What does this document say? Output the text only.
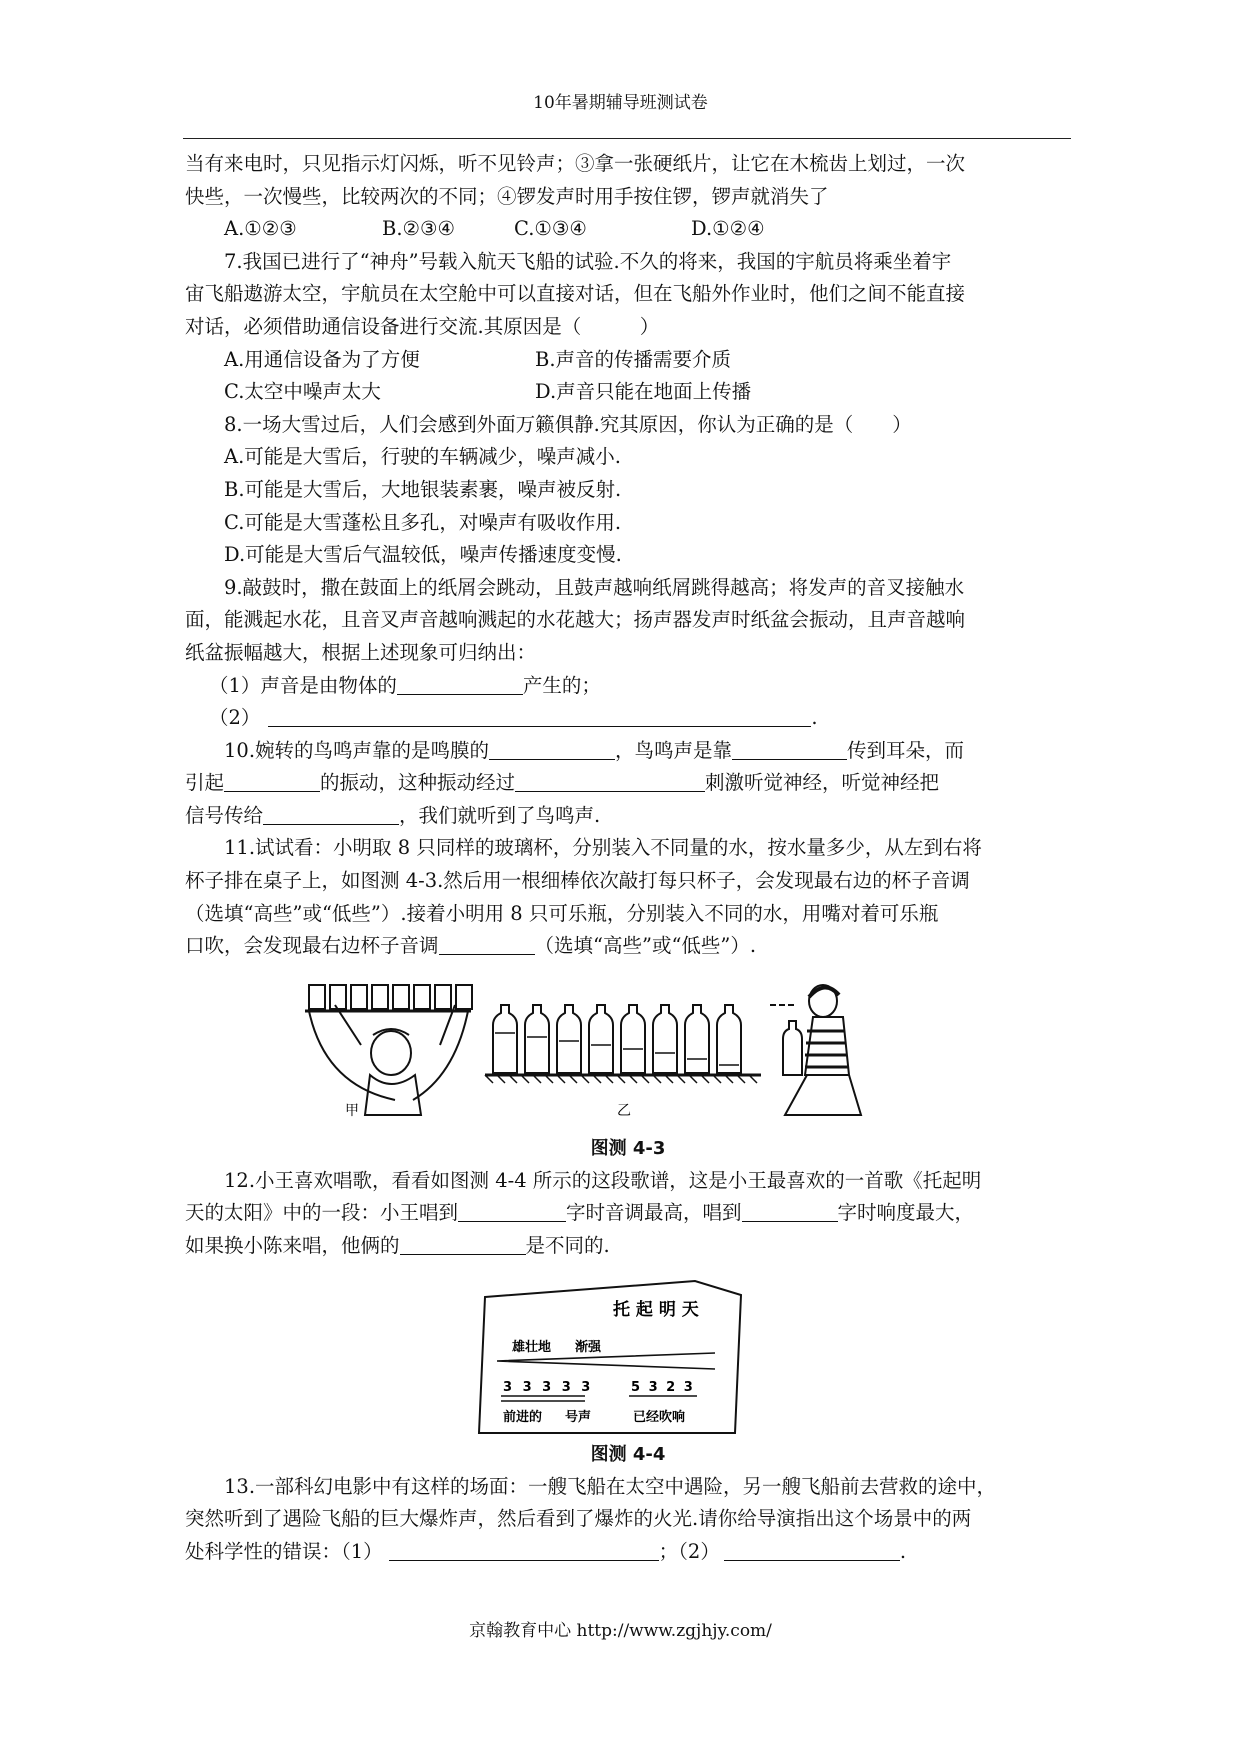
10年暑期辅导班测试卷

当有来电时，只见指示灯闪烁，听不见铃声；③拿一张硬纸片，让它在木梳齿上划过，一次

快些，一次慢些，比较两次的不同；④锣发声时用手按住锣，锣声就消失了

A.①②③	B.②③④	C.①③④	D.①②④

7.我国已进行了“神舟”号载入航天飞船的试验.不久的将来，我国的宇航员将乘坐着宇

宙飞船遨游太空，宇航员在太空舱中可以直接对话，但在飞船外作业时，他们之间不能直接

对话，必须借助通信设备进行交流.其原因是（　　　）

A.用通信设备为了方便	B.声音的传播需要介质

C.太空中噪声太大	D.声音只能在地面上传播

8.一场大雪过后，人们会感到外面万籁俱静.究其原因，你认为正确的是（　　）

A.可能是大雪后，行驶的车辆减少，噪声减小.

B.可能是大雪后，大地银装素裹，噪声被反射.

C.可能是大雪蓬松且多孔，对噪声有吸收作用.

D.可能是大雪后气温较低，噪声传播速度变慢.

9.敲鼓时，撒在鼓面上的纸屑会跳动，且鼓声越响纸屑跳得越高；将发声的音叉接触水

面，能溅起水花，且音叉声音越响溅起的水花越大；扬声器发声时纸盆会振动，且声音越响

纸盆振幅越大，根据上述现象可归纳出：

（1）声音是由物体的	产生的；

（2）	.

10.婉转的鸟鸣声靠的是鸣膜的	，鸟鸣声是靠	传到耳朵，而

引起	的振动，这种振动经过	刺激听觉神经，听觉神经把

信号传给	，我们就听到了鸟鸣声.

11.试试看：小明取 8 只同样的玻璃杯，分别装入不同量的水，按水量多少，从左到右将

杯子排在桌子上，如图测 4-3.然后用一根细棒依次敲打每只杯子，会发现最右边的杯子音调

（选填“高些”或“低些”）.接着小明用 8 只可乐瓶，分别装入不同的水，用嘴对着可乐瓶

口吹，会发现最右边杯子音调	（选填“高些”或“低些”）.

甲	乙
图测 4-3

12.小王喜欢唱歌，看看如图测 4-4 所示的这段歌谱，这是小王最喜欢的一首歌《托起明

天的太阳》中的一段：小王唱到	字时音调最高，唱到	字时响度最大，

如果换小陈来唱，他俩的	是不同的.

托 起 明 天
雄壮地 渐强
3 3 3 3 3	5 3 2 3
前进的 号声	已经吹响
图测 4-4

13.一部科幻电影中有这样的场面：一艘飞船在太空中遇险，另一艘飞船前去营救的途中，

突然听到了遇险飞船的巨大爆炸声，然后看到了爆炸的火光.请你给导演指出这个场景中的两

处科学性的错误：（1）	；（2）	.

京翰教育中心 http://www.zgjhjy.com/
